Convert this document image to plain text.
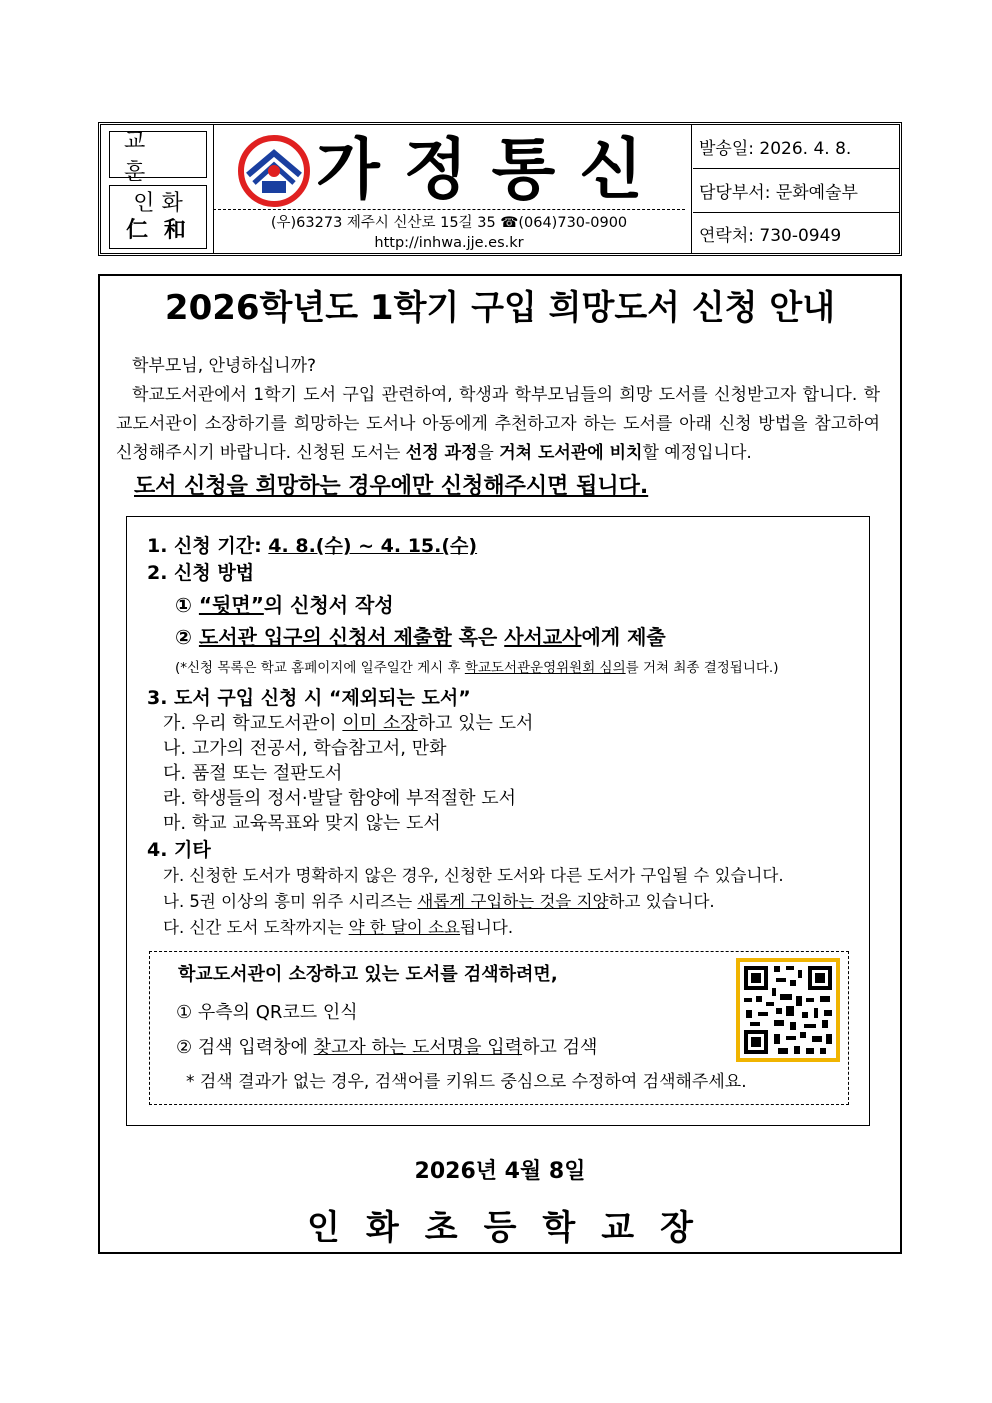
교 훈
인 화
仁 和
가정통신
(우)63273 제주시 신산로 15길 35 ☎(064)730-0900
http://inhwa.jje.es.kr
발송일: 2026. 4. 8.
담당부서: 문화예술부
연락처: 730-0949
2026학년도 1학기 구입 희망도서 신청 안내

학부모님, 안녕하십니까?

학교도서관에서 1학기 도서 구입 관련하여, 학생과 학부모님들의 희망 도서를 신청받고자 합니다. 학교도서관이 소장하기를 희망하는 도서나 아동에게 추천하고자 하는 도서를 아래 신청 방법을 참고하여 신청해주시기 바랍니다. 신청된 도서는 선정 과정을 거쳐 도서관에 비치할 예정입니다.

도서 신청을 희망하는 경우에만 신청해주시면 됩니다.
1. 신청 기간: 4. 8.(수) ~ 4. 15.(수)
2. 신청 방법
① “뒷면”의 신청서 작성
② 도서관 입구의 신청서 제출함 혹은 사서교사에게 제출
(*신청 목록은 학교 홈페이지에 일주일간 게시 후 학교도서관운영위원회 심의를 거쳐 최종 결정됩니다.)
3. 도서 구입 신청 시 “제외되는 도서”
가. 우리 학교도서관이 이미 소장하고 있는 도서
나. 고가의 전공서, 학습참고서, 만화
다. 품절 또는 절판도서
라. 학생들의 정서·발달 함양에 부적절한 도서
마. 학교 교육목표와 맞지 않는 도서
4. 기타
가. 신청한 도서가 명확하지 않은 경우, 신청한 도서와 다른 도서가 구입될 수 있습니다.
나. 5권 이상의 흥미 위주 시리즈는 새롭게 구입하는 것을 지양하고 있습니다.
다. 신간 도서 도착까지는 약 한 달이 소요됩니다.
학교도서관이 소장하고 있는 도서를 검색하려면,
① 우측의 QR코드 인식
② 검색 입력창에 찾고자 하는 도서명을 입력하고 검색
* 검색 결과가 없는 경우, 검색어를 키워드 중심으로 수정하여 검색해주세요.
2026년 4월 8일
인화초등학교장
